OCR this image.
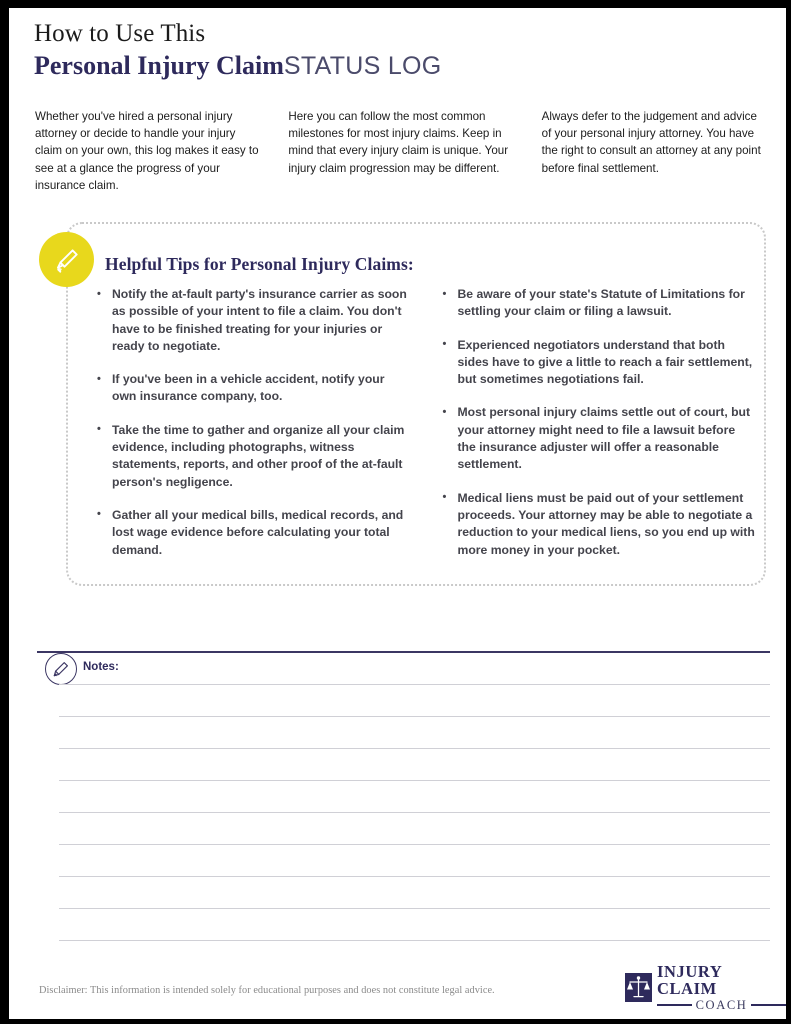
How to Use This
Personal Injury ClaimSTATUS LOG
Whether you've hired a personal injury attorney or decide to handle your injury claim on your own, this log makes it easy to see at a glance the progress of your insurance claim.
Here you can follow the most common milestones for most injury claims. Keep in mind that every injury claim is unique. Your injury claim progression may be different.
Always defer to the judgement and advice of your personal injury attorney. You have the right to consult an attorney at any point before final settlement.
Helpful Tips for Personal Injury Claims:
• Notify the at-fault party's insurance carrier as soon as possible of your intent to file a claim. You don't have to be finished treating for your injuries or ready to negotiate.
• If you've been in a vehicle accident, notify your own insurance company, too.
• Take the time to gather and organize all your claim evidence, including photographs, witness statements, reports, and other proof of the at-fault person's negligence.
• Gather all your medical bills, medical records, and lost wage evidence before calculating your total demand.
• Be aware of your state's Statute of Limitations for settling your claim or filing a lawsuit.
• Experienced negotiators understand that both sides have to give a little to reach a fair settlement, but sometimes negotiations fail.
• Most personal injury claims settle out of court, but your attorney might need to file a lawsuit before the insurance adjuster will offer a reasonable settlement.
• Medical liens must be paid out of your settlement proceeds. Your attorney may be able to negotiate a reduction to your medical liens, so you end up with more money in your pocket.
Notes:
Disclaimer: This information is intended solely for educational purposes and does not constitute legal advice.
INJURY CLAIM
COACH
